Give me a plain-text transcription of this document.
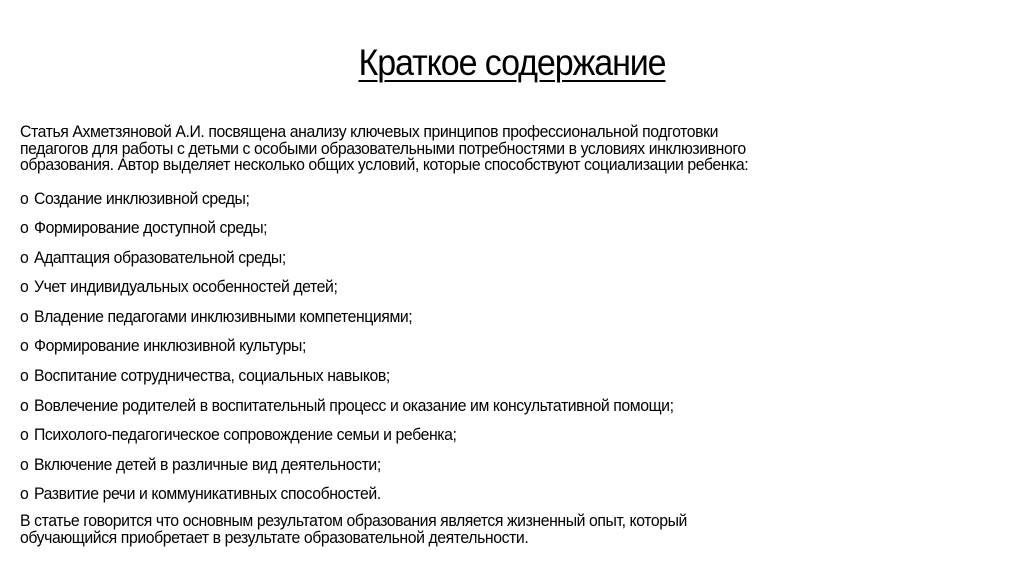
Краткое содержание
Статья Ахметзяновой А.И. посвящена анализу ключевых принципов профессиональной подготовки
педагогов для работы с детьми с особыми образовательными потребностями в условиях инклюзивного
образования. Автор выделяет несколько общих условий, которые способствуют социализации ребенка:
o Создание инклюзивной среды;
o Формирование доступной среды;
o Адаптация образовательной среды;
o Учет индивидуальных особенностей детей;
o Владение педагогами инклюзивными компетенциями;
o Формирование инклюзивной культуры;
o Воспитание сотрудничества, социальных навыков;
o Вовлечение родителей в воспитательный процесс и оказание им консультативной помощи;
o Психолого-педагогическое сопровождение семьи и ребенка;
o Включение детей в различные вид деятельности;
o Развитие речи и коммуникативных способностей.
В статье говорится что основным результатом образования является жизненный опыт, который
обучающийся приобретает в результате образовательной деятельности.
